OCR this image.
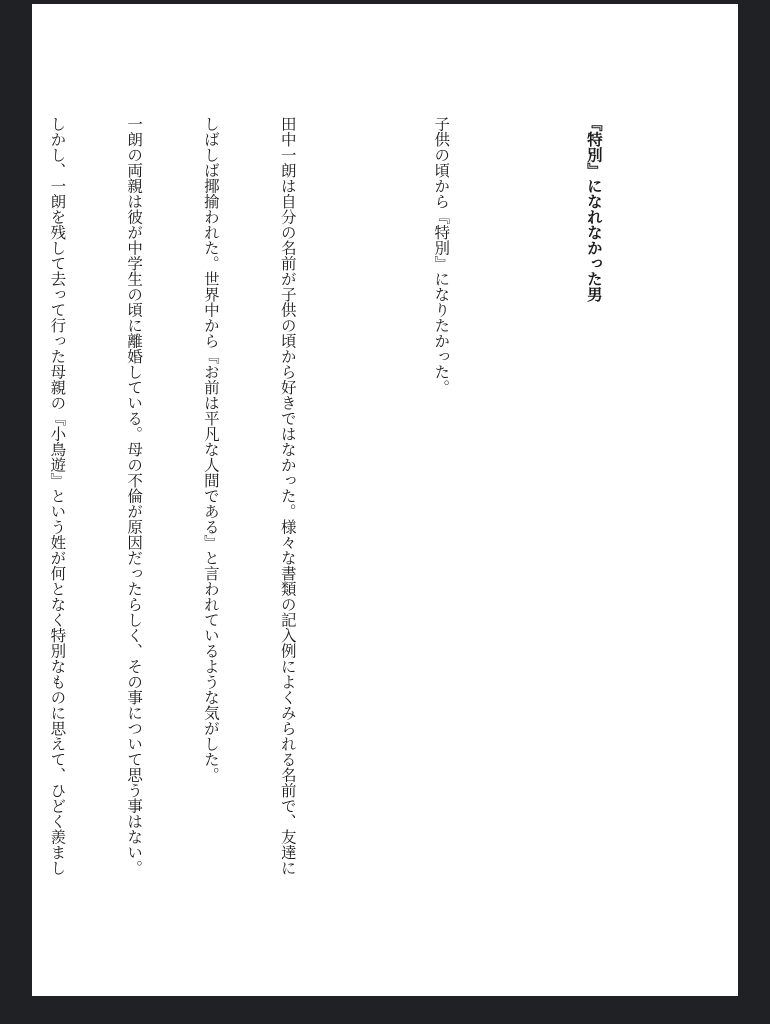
『特別』になれなかった男

子供の頃から『特別』になりたかった。

田中一朗は自分の名前が子供の頃から好きではなかった。様々な書類の記入例によくみられる名前で、友達に

しばしば揶揄われた。世界中から『お前は平凡な人間である』と言われているような気がした。

一朗の両親は彼が中学生の頃に離婚している。母の不倫が原因だったらしく、その事について思う事はない。

しかし、一朗を残して去って行った母親の『小鳥遊』という姓が何となく特別なものに思えて、ひどく羨まし
